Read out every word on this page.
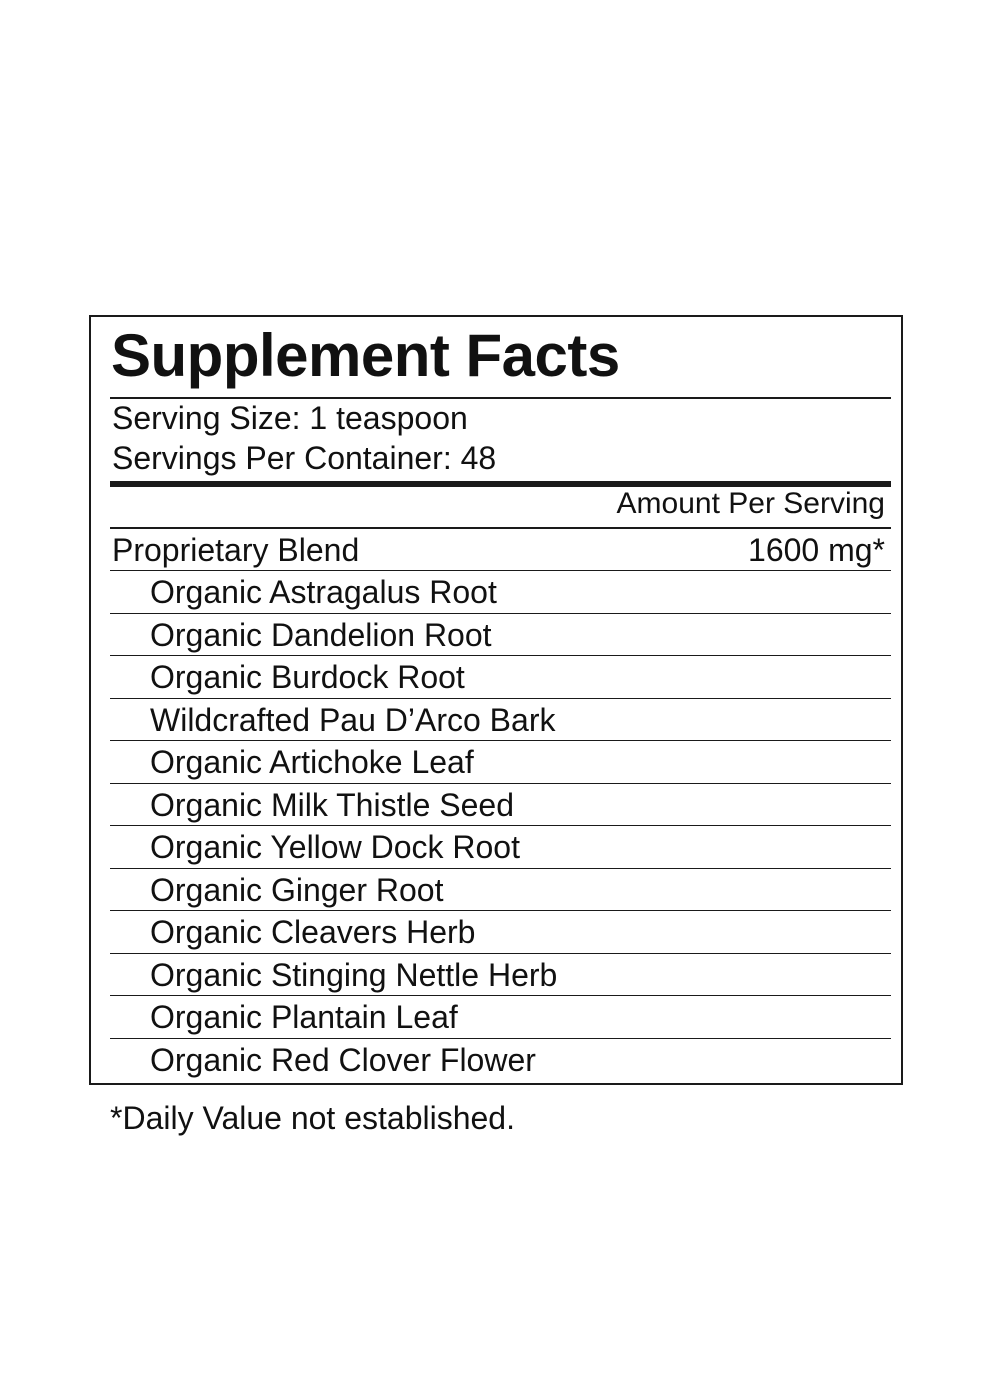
Supplement Facts
Serving Size: 1 teaspoon
Servings Per Container: 48
Amount Per Serving
Proprietary Blend	1600 mg*
Organic Astragalus Root
Organic Dandelion Root
Organic Burdock Root
Wildcrafted Pau D’Arco Bark
Organic Artichoke Leaf
Organic Milk Thistle Seed
Organic Yellow Dock Root
Organic Ginger Root
Organic Cleavers Herb
Organic Stinging Nettle Herb
Organic Plantain Leaf
Organic Red Clover Flower
*Daily Value not established.
